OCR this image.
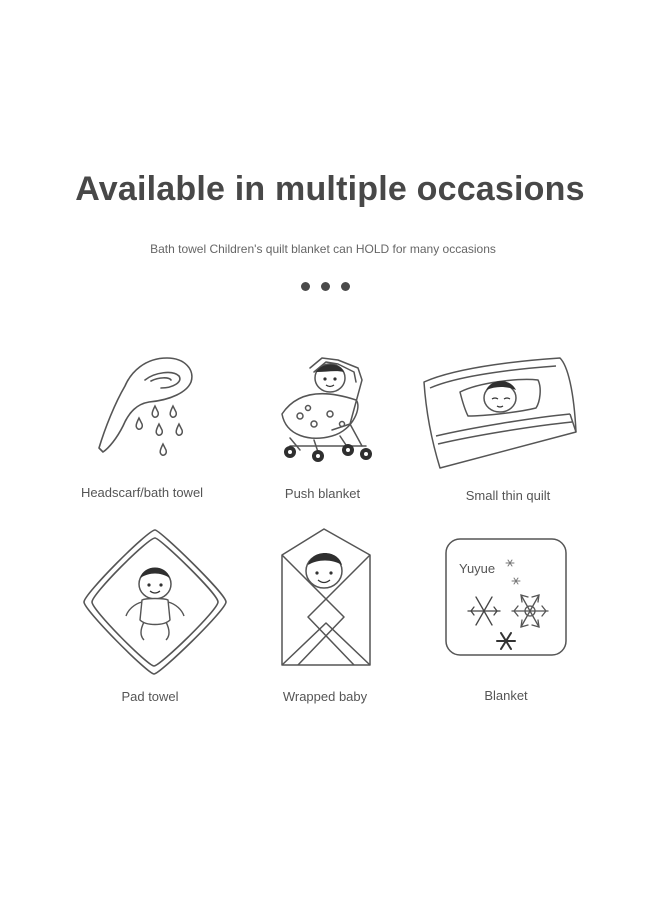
Available in multiple occasions
Bath towel Children's quilt blanket can HOLD for many occasions
Headscarf/bath towel	Push blanket	Small thin quilt
Pad towel	Wrapped baby
Yuyue
Blanket
